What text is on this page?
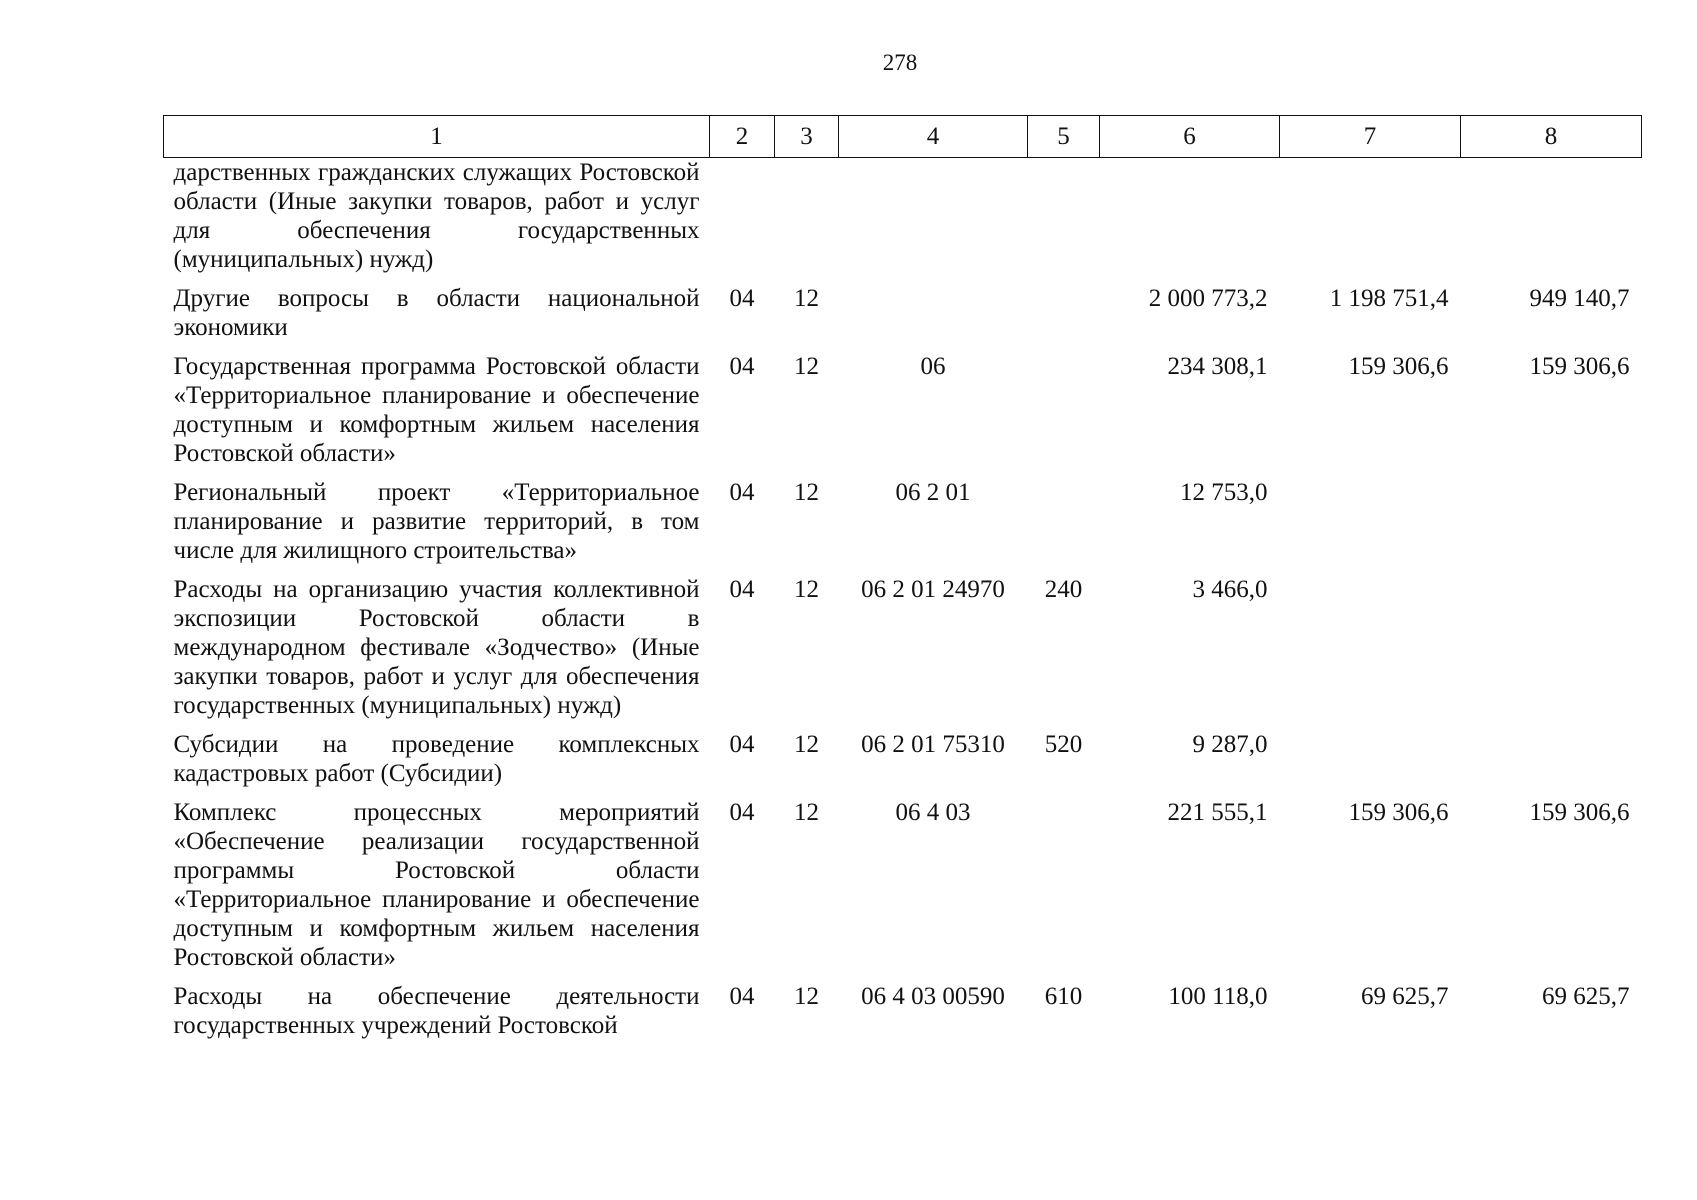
278
1	2	3	4	5	6	7	8
дарственных гражданских служащих Ростовской области (Иные закупки товаров, работ и услуг для обеспечения государственных (муниципальных) нужд)							
Другие вопросы в области национальной экономики	04	12			2 000 773,2	1 198 751,4	949 140,7
Государственная программа Ростовской области «Территориальное планирование и обеспечение доступным и комфортным жильем населения Ростовской области»	04	12	06		234 308,1	159 306,6	159 306,6
Региональный проект «Территориальное планирование и развитие территорий, в том числе для жилищного строительства»	04	12	06 2 01		12 753,0		
Расходы на организацию участия коллективной экспозиции Ростовской области в международном фестивале «Зодчество» (Иные закупки товаров, работ и услуг для обеспечения государственных (муниципальных) нужд)	04	12	06 2 01 24970	240	3 466,0		
Субсидии на проведение комплексных кадастровых работ (Субсидии)	04	12	06 2 01 75310	520	9 287,0		
Комплекс процессных мероприятий «Обеспечение реализации государственной программы Ростовской области «Территориальное планирование и обеспечение доступным и комфортным жильем населения Ростовской области»	04	12	06 4 03		221 555,1	159 306,6	159 306,6
Расходы на обеспечение деятельности государственных учреждений Ростовской	04	12	06 4 03 00590	610	100 118,0	69 625,7	69 625,7
